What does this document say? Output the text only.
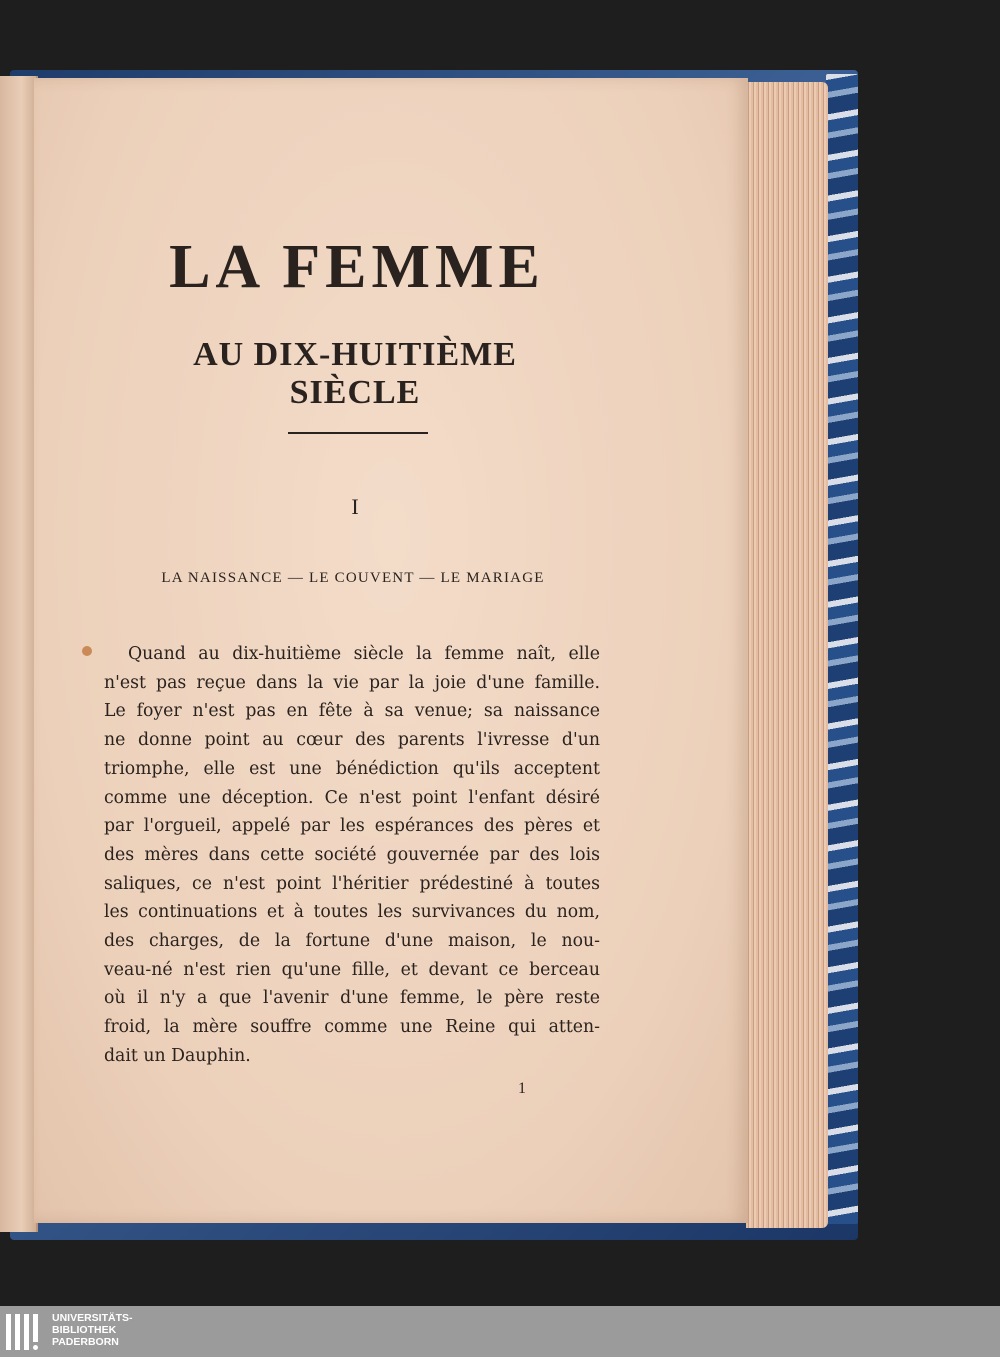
LA FEMME
AU DIX-HUITIÈME SIÈCLE
I
LA NAISSANCE — LE COUVENT — LE MARIAGE

Quand au dix-huitième siècle la femme naît, elle
n'est pas reçue dans la vie par la joie d'une famille.
Le foyer n'est pas en fête à sa venue; sa naissance
ne donne point au cœur des parents l'ivresse d'un
triomphe, elle est une bénédiction qu'ils acceptent
comme une déception. Ce n'est point l'enfant désiré
par l'orgueil, appelé par les espérances des pères et
des mères dans cette société gouvernée par des lois
saliques, ce n'est point l'héritier prédestiné à toutes
les continuations et à toutes les survivances du nom,
des charges, de la fortune d'une maison, le nou-
veau-né n'est rien qu'une fille, et devant ce berceau
où il n'y a que l'avenir d'une femme, le père reste
froid, la mère souffre comme une Reine qui atten-
dait un Dauphin.

1
UNIVERSITÄTS-
BIBLIOTHEK
PADERBORN
